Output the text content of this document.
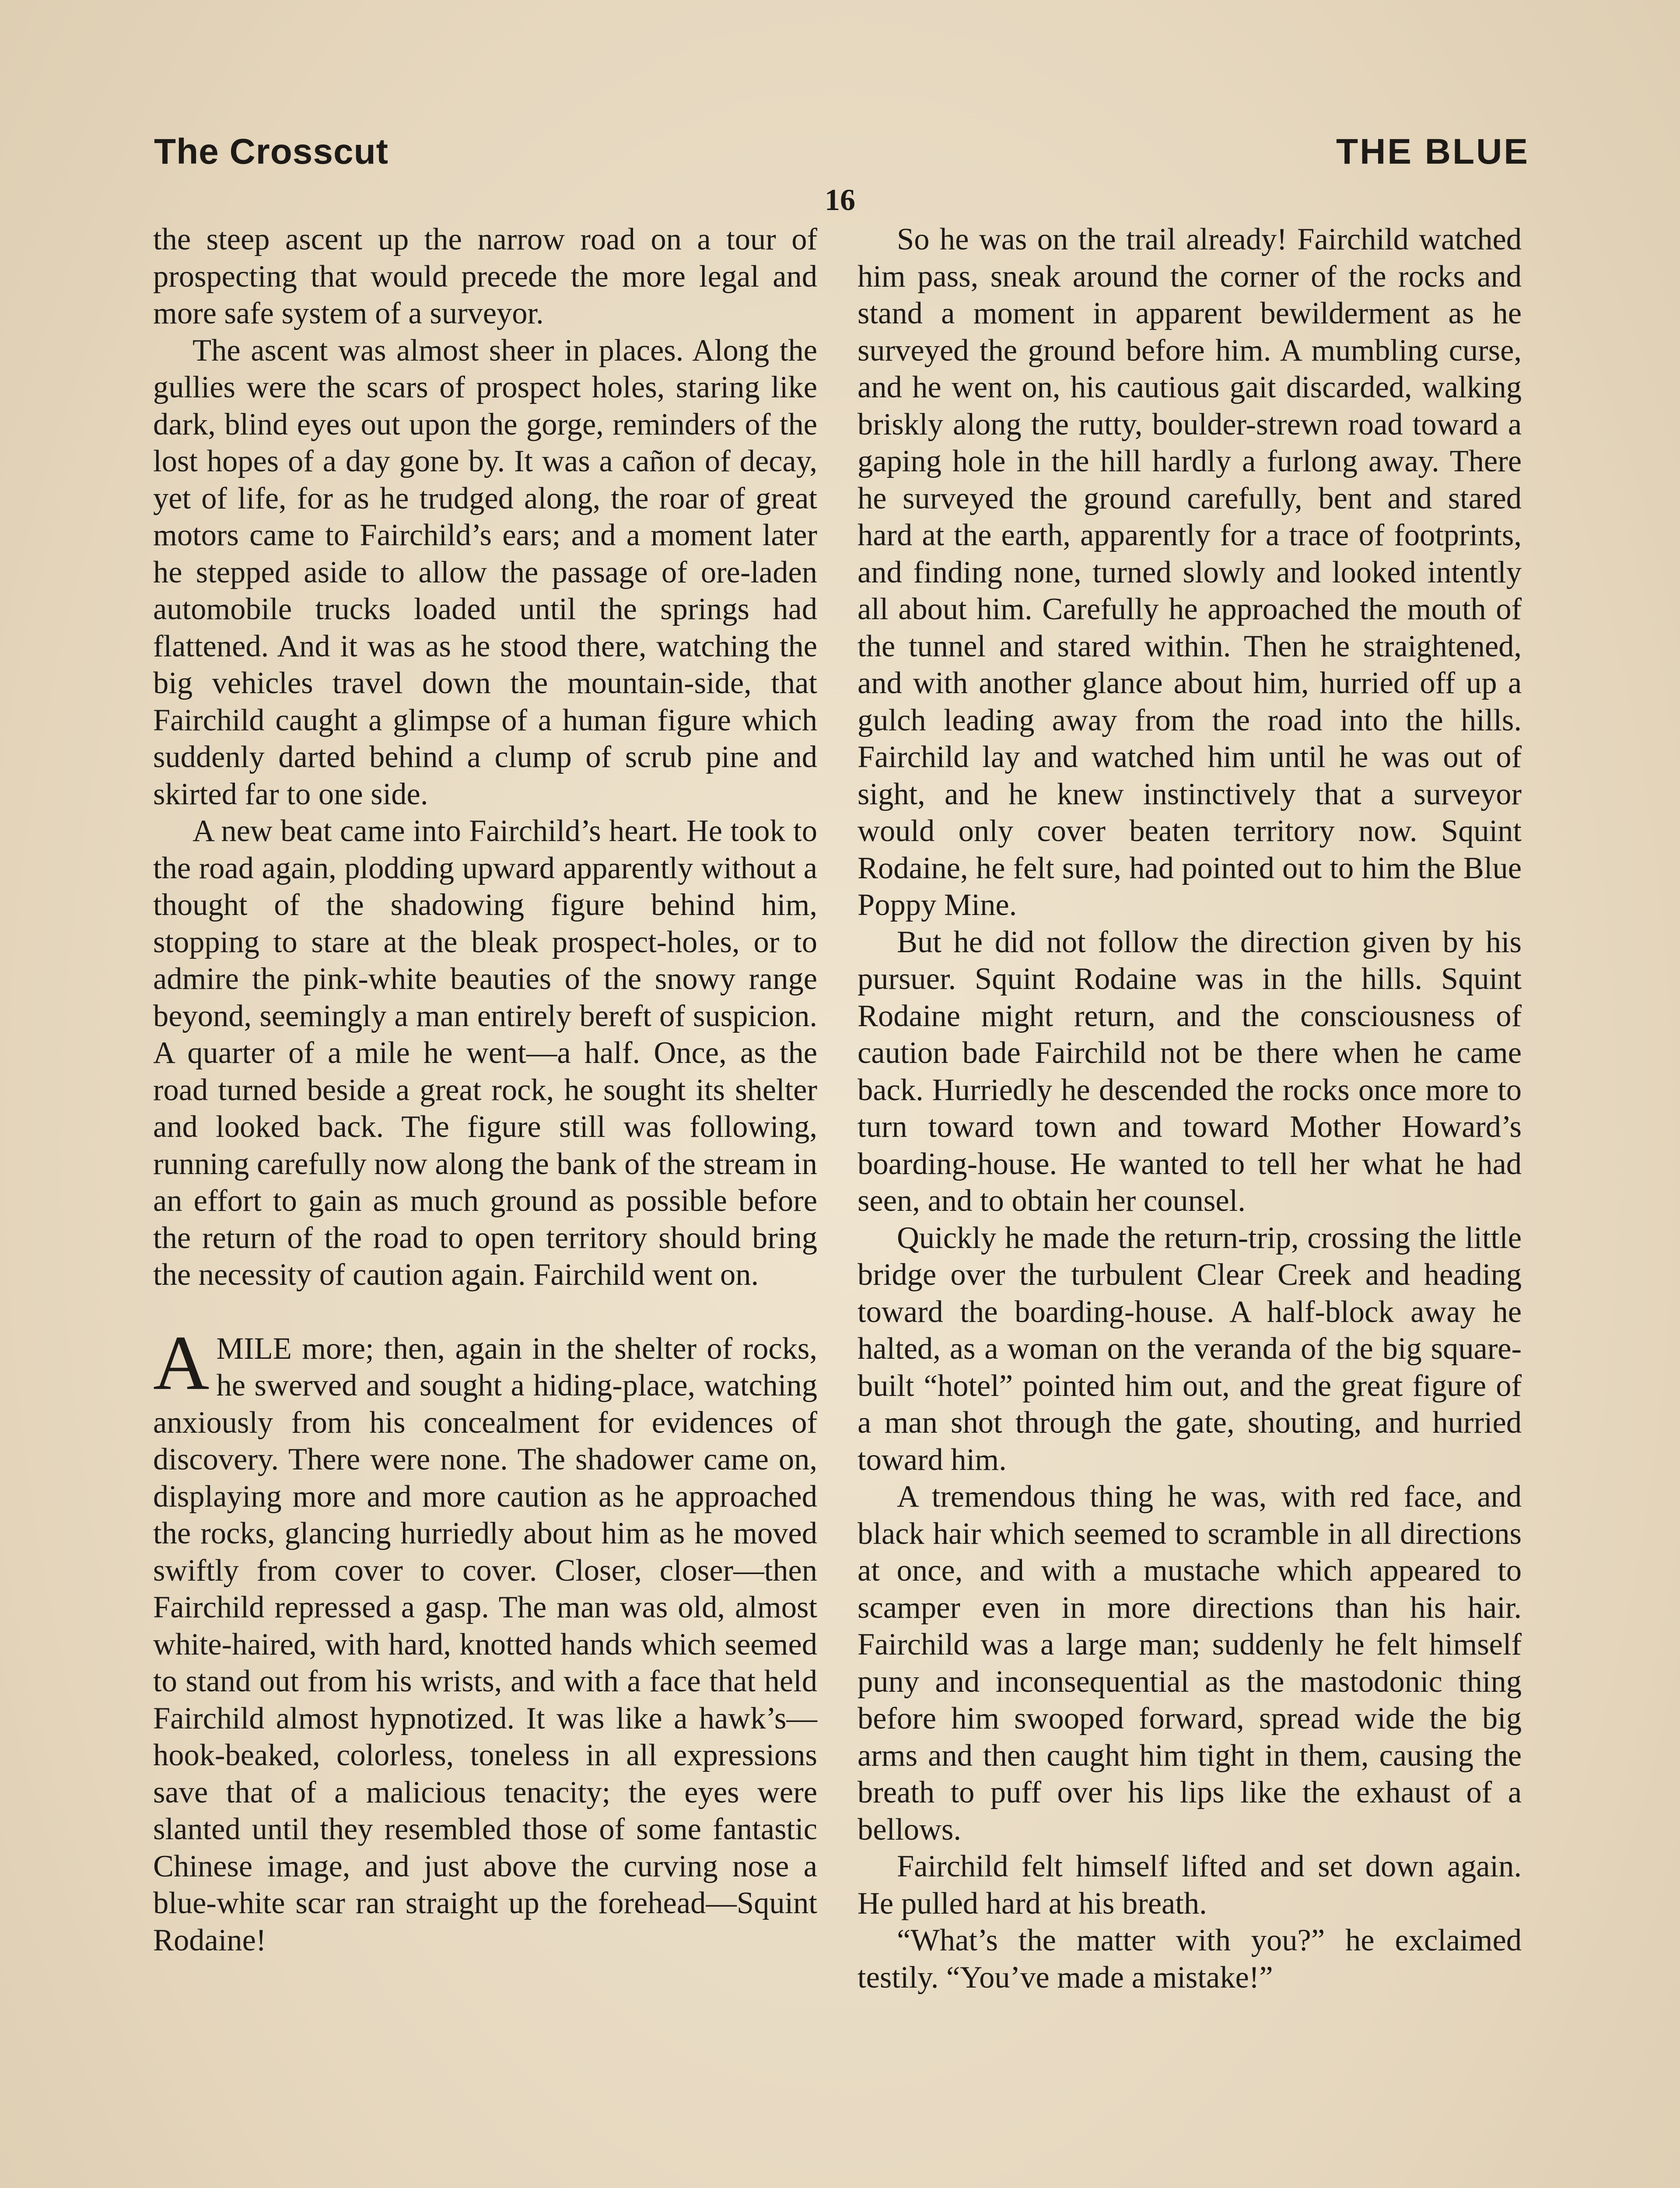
The Crosscut	THE BLUE
16

the steep ascent up the narrow road on a tour of prospecting that would precede the more legal and more safe system of a surveyor.

The ascent was almost sheer in places. Along the gullies were the scars of prospect holes, staring like dark, blind eyes out upon the gorge, reminders of the lost hopes of a day gone by. It was a cañon of decay, yet of life, for as he trudged along, the roar of great motors came to Fairchild’s ears; and a moment later he stepped aside to allow the passage of ore-laden automobile trucks loaded until the springs had flattened. And it was as he stood there, watching the big vehicles travel down the mountain-side, that Fairchild caught a glimpse of a human figure which suddenly darted behind a clump of scrub pine and skirted far to one side.

A new beat came into Fairchild’s heart. He took to the road again, plodding upward apparently without a thought of the shadowing figure behind him, stopping to stare at the bleak prospect-holes, or to admire the pink-white beauties of the snowy range beyond, seemingly a man entirely bereft of suspicion. A quarter of a mile he went—a half. Once, as the road turned beside a great rock, he sought its shelter and looked back. The figure still was following, running carefully now along the bank of the stream in an effort to gain as much ground as possible before the return of the road to open territory should bring the necessity of caution again. Fairchild went on.

AMILE more; then, again in the shelter of rocks, he swerved and sought a hiding-place, watching anxiously from his concealment for evidences of discovery. There were none. The shadower came on, displaying more and more caution as he approached the rocks, glancing hurriedly about him as he moved swiftly from cover to cover. Closer, closer—then Fairchild repressed a gasp. The man was old, almost white-haired, with hard, knotted hands which seemed to stand out from his wrists, and with a face that held Fairchild almost hypnotized. It was like a hawk’s—hook-beaked, colorless, toneless in all expressions save that of a malicious tenacity; the eyes were slanted until they resembled those of some fantastic Chinese image, and just above the curving nose a blue-white scar ran straight up the forehead—Squint Rodaine!

So he was on the trail already! Fairchild watched him pass, sneak around the corner of the rocks and stand a moment in apparent bewilderment as he surveyed the ground before him. A mumbling curse, and he went on, his cautious gait discarded, walking briskly along the rutty, boulder-strewn road toward a gaping hole in the hill hardly a furlong away. There he surveyed the ground carefully, bent and stared hard at the earth, apparently for a trace of footprints, and finding none, turned slowly and looked intently all about him. Carefully he approached the mouth of the tunnel and stared within. Then he straightened, and with another glance about him, hurried off up a gulch leading away from the road into the hills. Fairchild lay and watched him until he was out of sight, and he knew instinctively that a surveyor would only cover beaten territory now. Squint Rodaine, he felt sure, had pointed out to him the Blue Poppy Mine.

But he did not follow the direction given by his pursuer. Squint Rodaine was in the hills. Squint Rodaine might return, and the consciousness of caution bade Fairchild not be there when he came back. Hurriedly he descended the rocks once more to turn toward town and toward Mother Howard’s boarding-house. He wanted to tell her what he had seen, and to obtain her counsel.

Quickly he made the return-trip, crossing the little bridge over the turbulent Clear Creek and heading toward the boarding-house. A half-block away he halted, as a woman on the veranda of the big square-built “hotel” pointed him out, and the great figure of a man shot through the gate, shouting, and hurried toward him.

A tremendous thing he was, with red face, and black hair which seemed to scramble in all directions at once, and with a mustache which appeared to scamper even in more directions than his hair. Fairchild was a large man; suddenly he felt himself puny and inconsequential as the mastodonic thing before him swooped forward, spread wide the big arms and then caught him tight in them, causing the breath to puff over his lips like the exhaust of a bellows.

Fairchild felt himself lifted and set down again. He pulled hard at his breath.

“What’s the matter with you?” he exclaimed testily. “You’ve made a mistake!”
